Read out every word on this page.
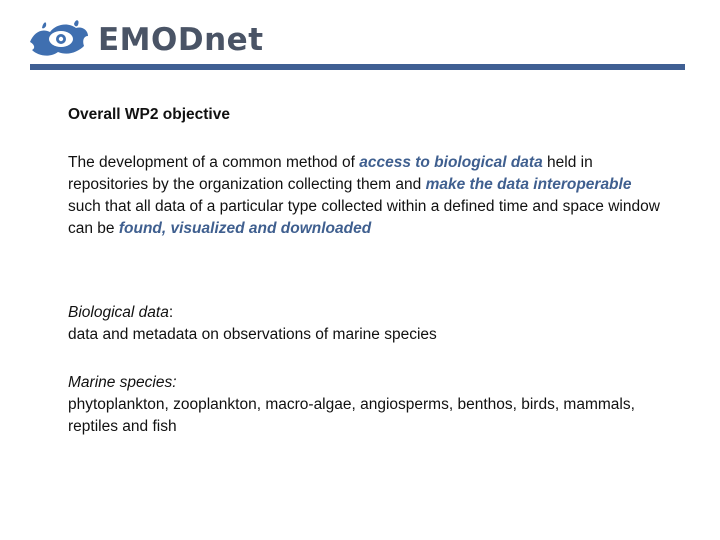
EMODnet

Overall WP2 objective

The development of a common method of access to biological data held in repositories by the organization collecting them and make the data interoperable such that all data of a particular type collected within a defined time and space window can be found, visualized and downloaded

Biological data:
data and metadata on observations of marine species
Marine species:
phytoplankton, zooplankton, macro-algae, angiosperms, benthos, birds, mammals, reptiles and fish
